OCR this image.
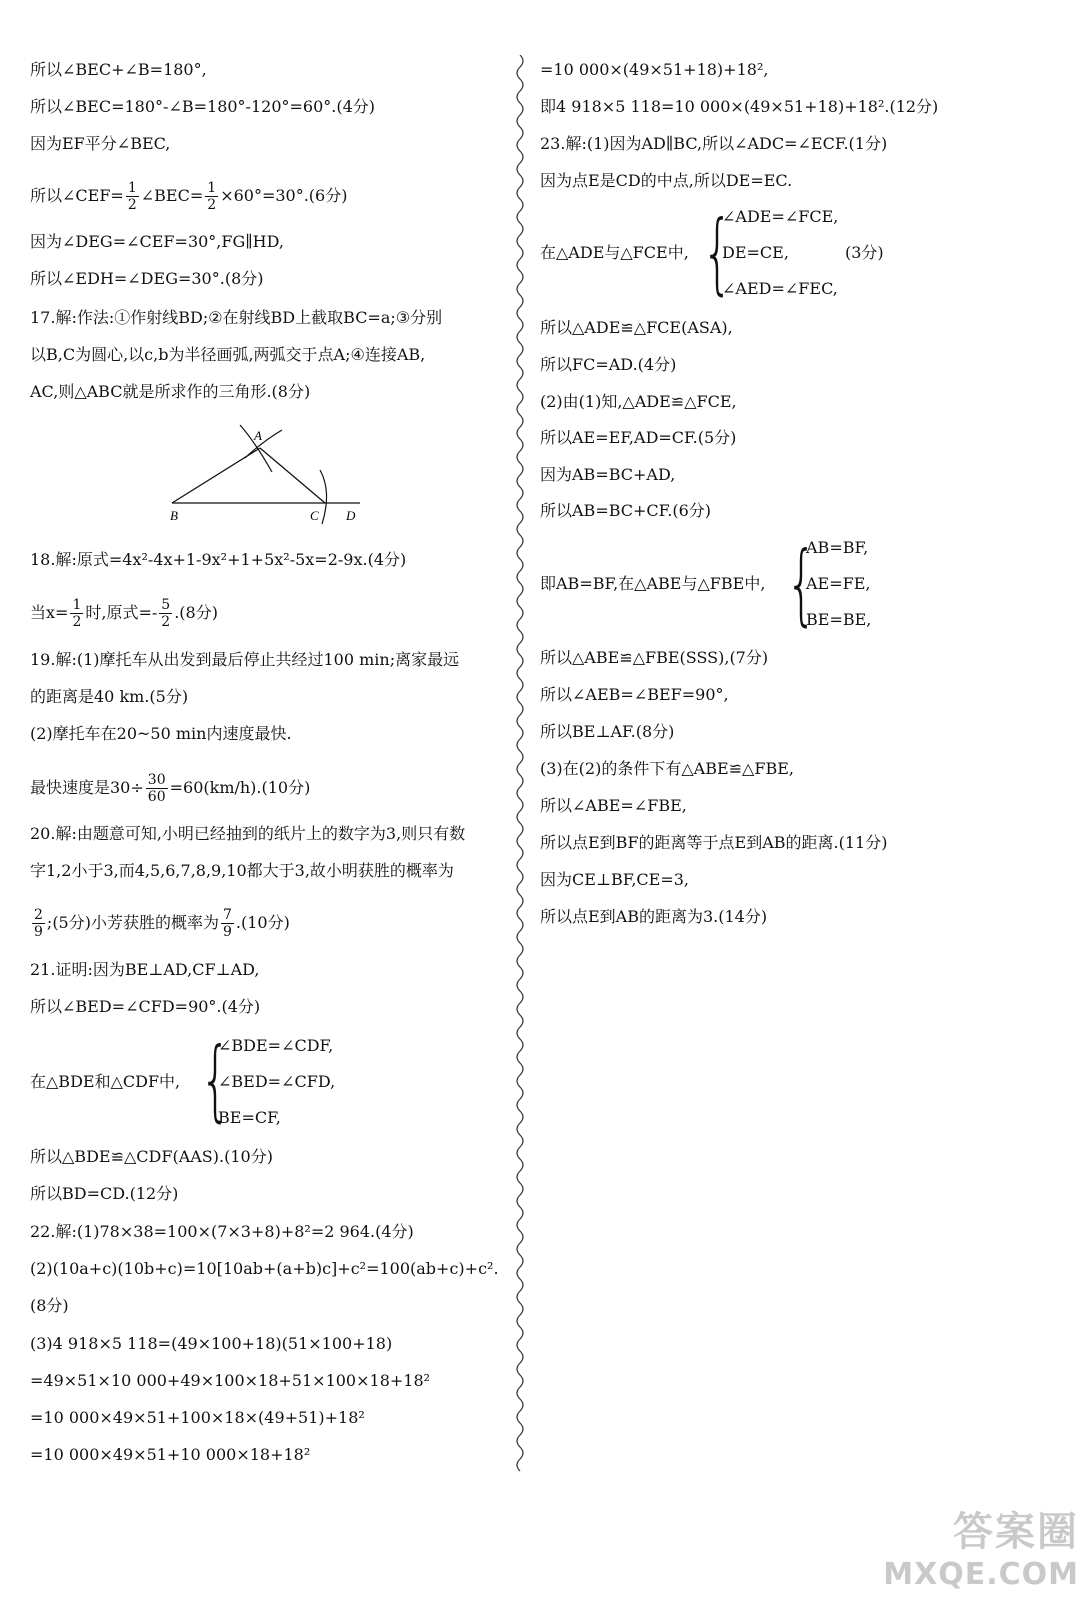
所以∠BEC+∠B=180°,
所以∠BEC=180°-∠B=180°-120°=60°.(4分)
因为EF平分∠BEC,
所以∠CEF= $\frac{1}{2}$ ∠BEC= $\frac{1}{2} \times 60^\circ=30^\circ.(6$分)
因为∠DEG=∠CEF=30°,FG∥HD,
所以∠EDH=∠DEG=30°.(8分)
17.解:作法:①作射线BD;②在射线BD上截取BC=a;③分别
以B,C为圆心,以c,b为半径画弧,两弧交于点A;④连接AB,
AC,则△ABC就是所求作的三角形.(8分)
18.解:原式=4x²-4x+1-9x²+1+5x²-5x=2-9x.(4分)
当$x= \frac{1}{2}$ 时,原式=- $\frac{5}{2} .(8$分)
19.解:(1)摩托车从出发到最后停止共经过100 min;离家最远
的距离是40 km.(5分)
(2)摩托车在20~50 min内速度最快.
最快速度是$30\div \frac{30}{60} =60(km/h).(10$分)
20.解:由题意可知,小明已经抽到的纸片上的数字为3,则只有数
字1,2小于3,而4,5,6,7,8,9,10都大于3,故小明获胜的概率为
$\frac{2}{9}$ ;(5分)小芳获胜的概率为 $\frac{7}{9} .(10$分)
21.证明:因为BE⊥AD,CF⊥AD,
所以∠BED=∠CFD=90°.(4分)
在△BDE和△CDF中, {
∠BDE=∠CDF,
∠BED=∠CFD,
BE=CF,
所以△BDE≌△CDF(AAS).(10分)
所以BD=CD.(12分)
22.解:(1)78×38=100×(7×3+8)+8²=2 964.(4分)
(2)(10a+c)(10b+c)=10[10ab+(a+b)c]+c²=100(ab+c)+c².
(8分)
(3)4 918×5 118=(49×100+18)(51×100+18)
=49×51×10 000+49×100×18+51×100×18+18²
=10 000×49×51+100×18×(49+51)+18²
=10 000×49×51+10 000×18+18²
A
B	C D
=10 000×(49×51+18)+18²,
即4 918×5 118=10 000×(49×51+18)+18².(12分)
23.解:(1)因为AD∥BC,所以∠ADC=∠ECF.(1分)
因为点E是CD的中点,所以DE=EC.
在△ADE与△FCE中, {
∠ADE=∠FCE,
DE=CE,
∠AED=∠FEC,
(3分)
所以△ADE≌△FCE(ASA),
所以FC=AD.(4分)
(2)由(1)知,△ADE≌△FCE,
所以AE=EF,AD=CF.(5分)
因为AB=BC+AD,
所以AB=BC+CF.(6分)
即AB=BF,在△ABE与△FBE中, {
AB=BF,
AE=FE,
BE=BE,
所以△ABE≌△FBE(SSS),(7分)
所以∠AEB=∠BEF=90°,
所以BE⊥AF.(8分)
(3)在(2)的条件下有△ABE≌△FBE,
所以∠ABE=∠FBE,
所以点E到BF的距离等于点E到AB的距离.(11分)
因为CE⊥BF,CE=3,
所以点E到AB的距离为3.(14分)
答案圈
MXQE.COM
